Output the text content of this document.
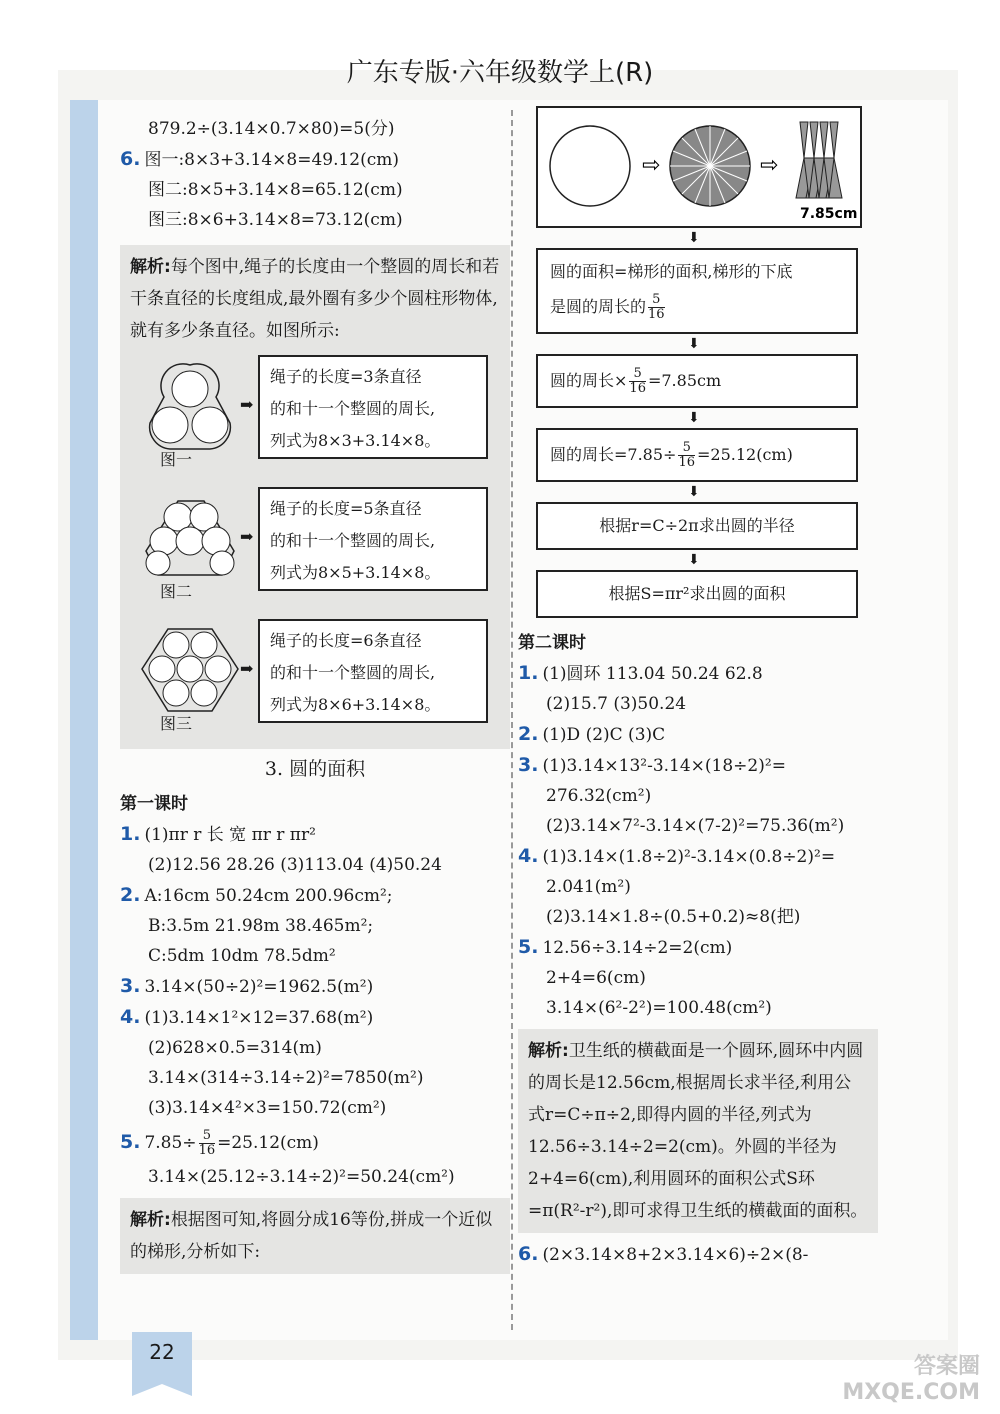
广东专版·六年级数学上(R)
879.2÷(3.14×0.7×80)=5(分)
6. 图一:8×3+3.14×8=49.12(cm)
图二:8×5+3.14×8=65.12(cm)
图三:8×6+3.14×8=73.12(cm)
解析:每个图中,绳子的长度由一个整圆的周长和若干条直径的长度组成,最外圈有多少个圆柱形物体,就有多少条直径。如图所示:
➡
图一
绳子的长度=3条直径
的和十一个整圆的周长,
列式为8×3+3.14×8。
➡
图二
绳子的长度=5条直径
的和十一个整圆的周长,
列式为8×5+3.14×8。
➡
图三
绳子的长度=6条直径
的和十一个整圆的周长,
列式为8×6+3.14×8。
3. 圆的面积
第一课时
1. (1)πr r 长 宽 πr r πr²
(2)12.56 28.26 (3)113.04 (4)50.24
2. A:16cm 50.24cm 200.96cm²;
B:3.5m 21.98m 38.465m²;
C:5dm 10dm 78.5dm²
3. 3.14×(50÷2)²=1962.5(m²)
4. (1)3.14×1²×12=37.68(m²)
(2)628×0.5=314(m)
3.14×(314÷3.14÷2)²=7850(m²)
(3)3.14×4²×3=150.72(cm²)
5. $7.85\div \frac{5}{16} =25.12(cm)$
3.14×(25.12÷3.14÷2)²=50.24(cm²)
解析:根据图可知,将圆分成16等份,拼成一个近似的梯形,分析如下:
⇨	⇨
7.85cm
⬇
圆的面积=梯形的面积,梯形的下底
是圆的周长的 $\frac{5}{16}$
⬇
圆的周长× $\frac{5}{16} =7.85cm$
⬇
圆的周长$=7.85\div \frac{5}{16} =25.12(cm)$
⬇
根据r=C÷2π求出圆的半径
⬇
根据S=πr²求出圆的面积
第二课时
1. (1)圆环 113.04 50.24 62.8
(2)15.7 (3)50.24
2. (1)D (2)C (3)C
3. (1)3.14×13²-3.14×(18÷2)²=
276.32(cm²)
(2)3.14×7²-3.14×(7-2)²=75.36(m²)
4. (1)3.14×(1.8÷2)²-3.14×(0.8÷2)²=
2.041(m²)
(2)3.14×1.8÷(0.5+0.2)≈8(把)
5. 12.56÷3.14÷2=2(cm)
2+4=6(cm)
3.14×(6²-2²)=100.48(cm²)
解析:卫生纸的横截面是一个圆环,圆环中内圆的周长是12.56cm,根据周长求半径,利用公式r=C÷π÷2,即得内圆的半径,列式为12.56÷3.14÷2=2(cm)。外圆的半径为2+4=6(cm),利用圆环的面积公式S环=π(R²-r²),即可求得卫生纸的横截面的面积。
6. (2×3.14×8+2×3.14×6)÷2×(8-
22
答案圈
MXQE.COM
